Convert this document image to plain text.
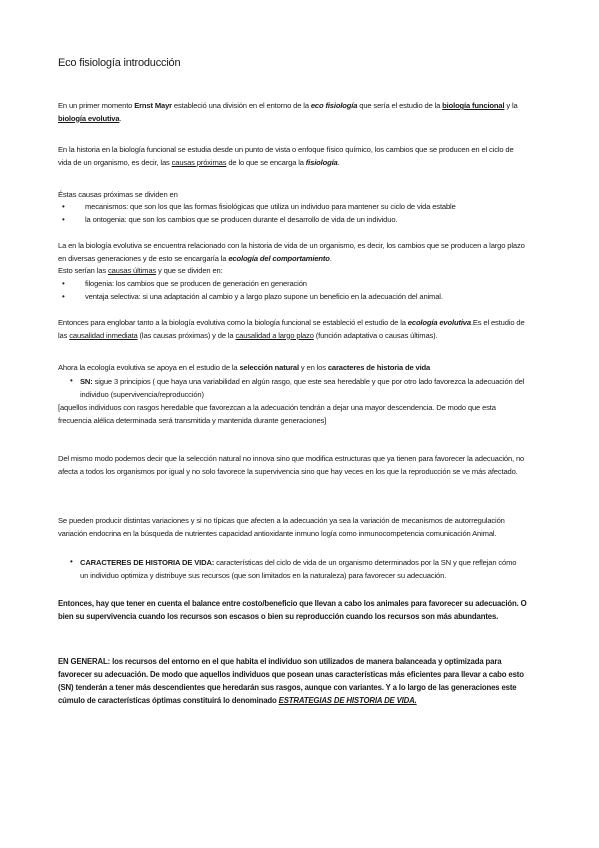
Eco fisiología introducción

En un primer momento Ernst Mayr estableció una división en el entorno de la eco fisiología que sería el estudio de la biología funcional y la biología evolutiva.

En la historia en la biología funcional se estudia desde un punto de vista o enfoque físico químico, los cambios que se producen en el ciclo de vida de un organismo, es decir, las causas próximas de lo que se encarga la fisiología.

Éstas causas próximas se dividen en

•	mecanismos: que son los que las formas fisiológicas que utiliza un individuo para mantener su ciclo de vida estable
•	la ontogenia: que son los cambios que se producen durante el desarrollo de vida de un individuo.

La en la biología evolutiva se encuentra relacionado con la historia de vida de un organismo, es decir, los cambios que se producen a largo plazo en diversas generaciones y de esto se encargaría la ecología del comportamiento.

Esto serían las causas últimas y que se dividen en:

•	filogenia: los cambios que se producen de generación en generación
•	ventaja selectiva: si una adaptación al cambio y a largo plazo supone un beneficio en la adecuación del animal.

Entonces para englobar tanto a la biología evolutiva como la biología funcional se estableció el estudio de la ecología evolutiva.Es el estudio de las causalidad inmediata (las causas próximas) y de la causalidad a largo plazo (función adaptativa o causas últimas).

Ahora la ecología evolutiva se apoya en el estudio de la selección natural y en los caracteres de historia de vida

• SN: sigue 3 principios ( que haya una variabilidad en algún rasgo, que este sea heredable y que por otro lado favorezca la adecuación del individuo (supervivencia/reproducción)

[aquellos individuos con rasgos heredable que favorezcan a la adecuación tendrán a dejar una mayor descendencia. De modo que esta frecuencia alélica determinada será transmitida y mantenida durante generaciones]

Del mismo modo podemos decir que la selección natural no innova sino que modifica estructuras que ya tienen para favorecer la adecuación, no afecta a todos los organismos por igual y no solo favorece la supervivencia sino que hay veces en los que la reproducción se ve más afectado.

Se pueden producir distintas variaciones y si no típicas que afecten a la adecuación ya sea la variación de mecanismos de autorregulación variación endocrina en la búsqueda de nutrientes capacidad antioxidante inmuno logía como inmunocompetencia comunicación Animal.

• CARACTERES DE HISTORIA DE VIDA: características del ciclo de vida de un organismo determinados por la SN y que reflejan cómo un individuo optimiza y distribuye sus recursos (que son limitados en la naturaleza) para favorecer su adecuación.

Entonces, hay que tener en cuenta el balance entre costo/beneficio que llevan a cabo los animales para favorecer su adecuación. O bien su supervivencia cuando los recursos son escasos o bien su reproducción cuando los recursos son más abundantes.

EN GENERAL: los recursos del entorno en el que habita el individuo son utilizados de manera balanceada y optimizada para favorecer su adecuación. De modo que aquellos individuos que posean unas características más eficientes para llevar a cabo esto (SN) tenderán a tener más descendientes que heredarán sus rasgos, aunque con variantes. Y a lo largo de las generaciones este cúmulo de características óptimas constituirá lo denominado ESTRATEGIAS DE HISTORIA DE VIDA.
